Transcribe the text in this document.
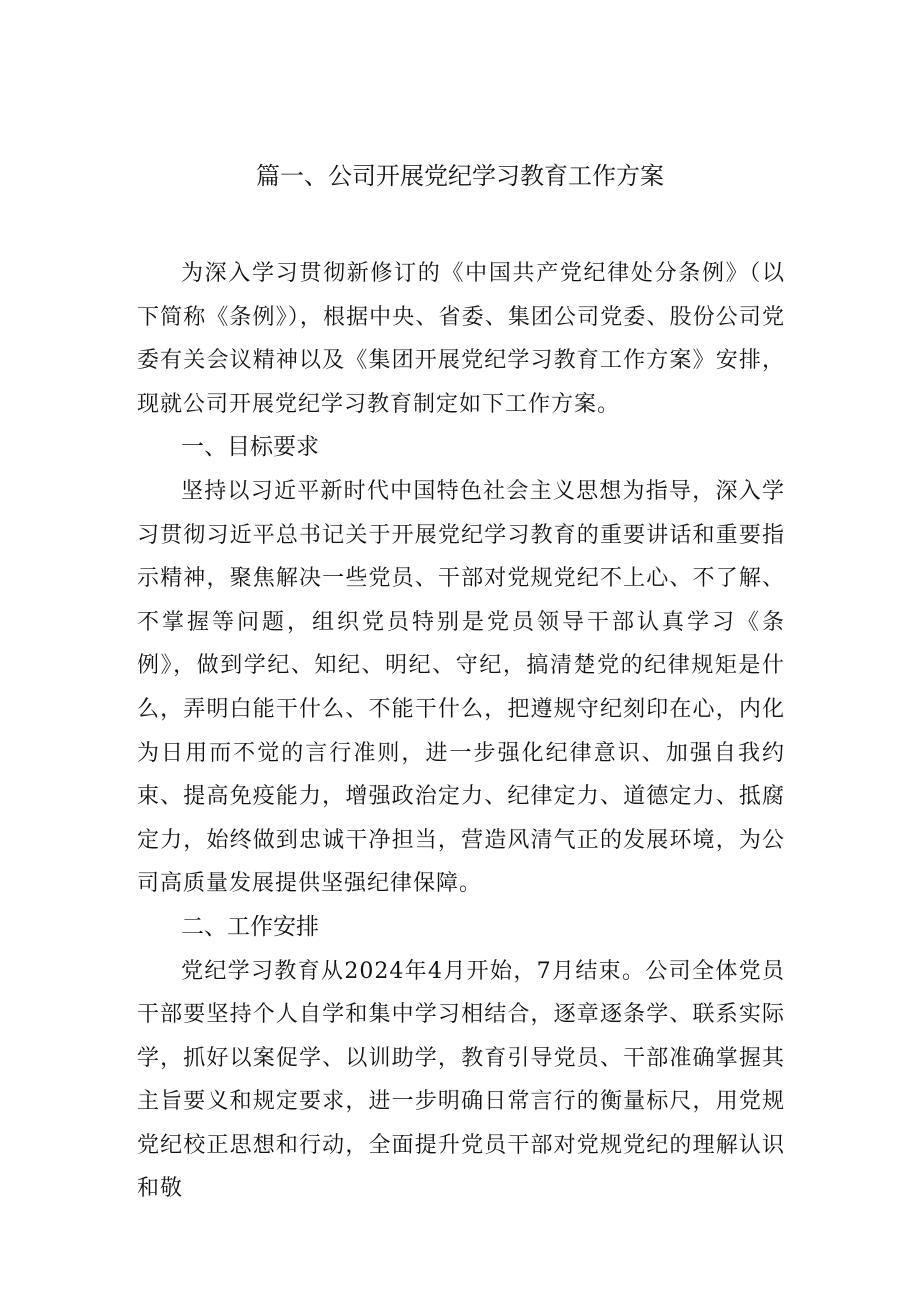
篇一、公司开展党纪学习教育工作方案

为深入学习贯彻新修订的《中国共产党纪律处分条例》（以下简称《条例》），根据中央、省委、集团公司党委、股份公司党委有关会议精神以及《集团开展党纪学习教育工作方案》安排，现就公司开展党纪学习教育制定如下工作方案。

一、目标要求

坚持以习近平新时代中国特色社会主义思想为指导，深入学习贯彻习近平总书记关于开展党纪学习教育的重要讲话和重要指示精神，聚焦解决一些党员、干部对党规党纪不上心、不了解、不掌握等问题，组织党员特别是党员领导干部认真学习《条例》，做到学纪、知纪、明纪、守纪，搞清楚党的纪律规矩是什么，弄明白能干什么、不能干什么，把遵规守纪刻印在心，内化为日用而不觉的言行准则，进一步强化纪律意识、加强自我约束、提高免疫能力，增强政治定力、纪律定力、道德定力、抵腐定力，始终做到忠诚干净担当，营造风清气正的发展环境，为公司高质量发展提供坚强纪律保障。

二、工作安排

党纪学习教育从2024年4月开始，7月结束。公司全体党员干部要坚持个人自学和集中学习相结合，逐章逐条学、联系实际学，抓好以案促学、以训助学，教育引导党员、干部准确掌握其主旨要义和规定要求，进一步明确日常言行的衡量标尺，用党规党纪校正思想和行动，全面提升党员干部对党规党纪的理解认识和敬
